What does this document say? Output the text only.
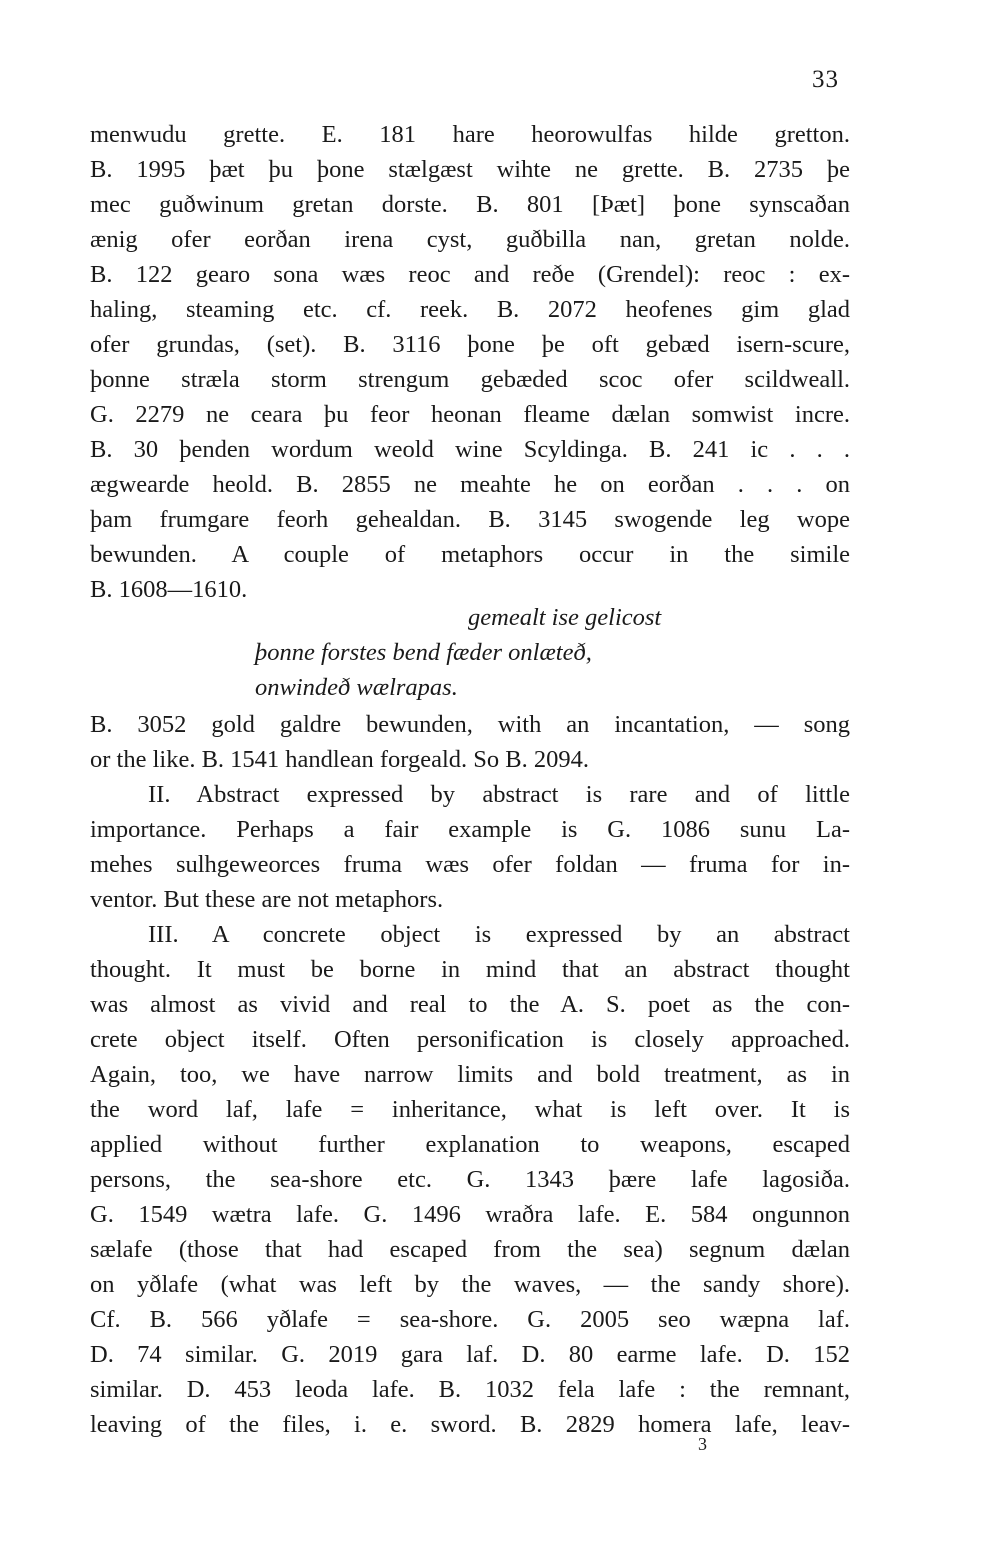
33
menwudu grette. E. 181 hare heorowulfas hilde gretton.
B. 1995 þæt þu þone stælgæst wihte ne grette. B. 2735 þe
mec guðwinum gretan dorste. B. 801 [Þæt] þone synscaðan
ænig ofer eorðan irena cyst, guðbilla nan, gretan nolde.
B. 122 gearo sona wæs reoc and reðe (Grendel): reoc : ex-
haling, steaming etc. cf. reek. B. 2072 heofenes gim glad
ofer grundas, (set). B. 3116 þone þe oft gebæd isern-scure,
þonne stræla storm strengum gebæded scoc ofer scildweall.
G. 2279 ne ceara þu feor heonan fleame dælan somwist incre.
B. 30 þenden wordum weold wine Scyldinga. B. 241 ic . . .
ægwearde heold. B. 2855 ne meahte he on eorðan . . . on
þam frumgare feorh gehealdan. B. 3145 swogende leg wope
bewunden. A couple of metaphors occur in the simile
B. 1608—1610.
gemealt ise gelicost
þonne forstes bend fæder onlæteð,
onwindeð wælrapas.
B. 3052 gold galdre bewunden, with an incantation, — song
or the like. B. 1541 handlean forgeald. So B. 2094.
II. Abstract expressed by abstract is rare and of little
importance. Perhaps a fair example is G. 1086 sunu La-
mehes sulhgeweorces fruma wæs ofer foldan — fruma for in-
ventor. But these are not metaphors.
III. A concrete object is expressed by an abstract
thought. It must be borne in mind that an abstract thought
was almost as vivid and real to the A. S. poet as the con-
crete object itself. Often personification is closely approached.
Again, too, we have narrow limits and bold treatment, as in
the word laf, lafe = inheritance, what is left over. It is
applied without further explanation to weapons, escaped
persons, the sea-shore etc. G. 1343 þære lafe lagosiða.
G. 1549 wætra lafe. G. 1496 wraðra lafe. E. 584 ongunnon
sælafe (those that had escaped from the sea) segnum dælan
on yðlafe (what was left by the waves, — the sandy shore).
Cf. B. 566 yðlafe = sea-shore. G. 2005 seo wæpna laf.
D. 74 similar. G. 2019 gara laf. D. 80 earme lafe. D. 152
similar. D. 453 leoda lafe. B. 1032 fela lafe : the remnant,
leaving of the files, i. e. sword. B. 2829 homera lafe, leav-
3
